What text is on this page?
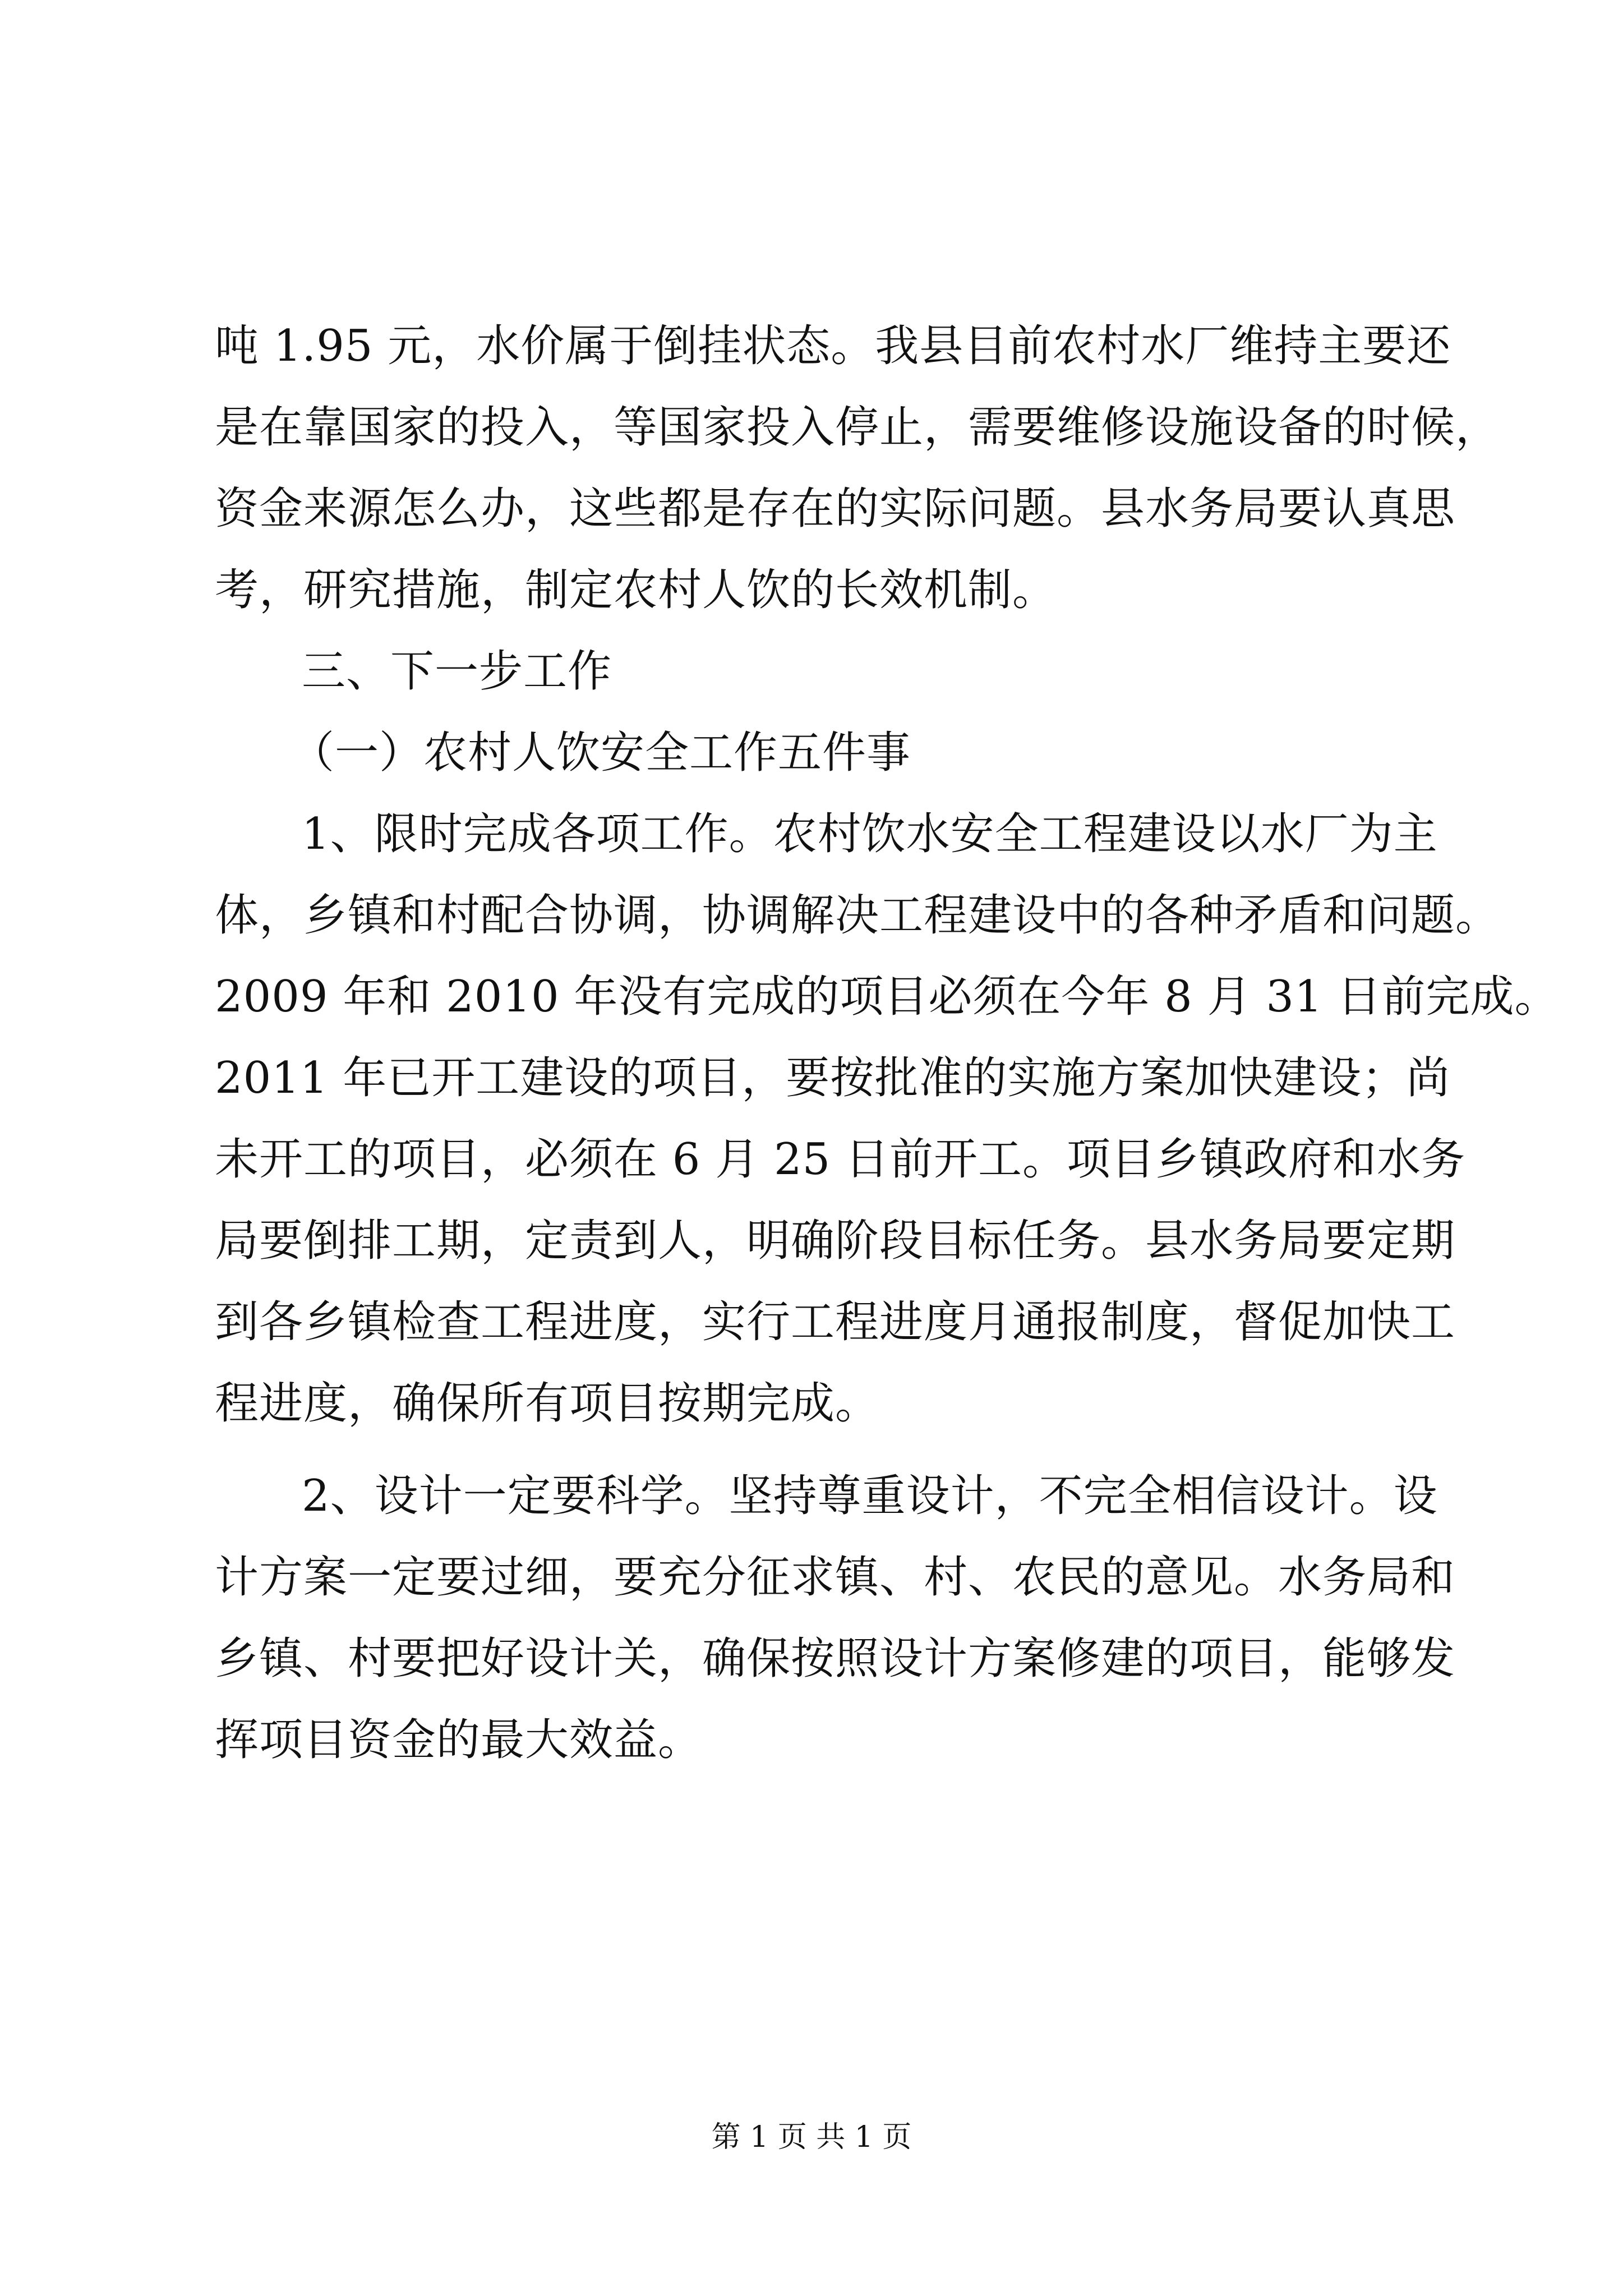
吨 1.95 元，水价属于倒挂状态。我县目前农村水厂维持主要还
是在靠国家的投入，等国家投入停止，需要维修设施设备的时候，
资金来源怎么办，这些都是存在的实际问题。县水务局要认真思
考，研究措施，制定农村人饮的长效机制。
三、下一步工作
（一）农村人饮安全工作五件事
1、限时完成各项工作。农村饮水安全工程建设以水厂为主
体，乡镇和村配合协调，协调解决工程建设中的各种矛盾和问题。
2009 年和 2010 年没有完成的项目必须在今年 8 月 31 日前完成。
2011 年已开工建设的项目，要按批准的实施方案加快建设；尚
未开工的项目，必须在 6 月 25 日前开工。项目乡镇政府和水务
局要倒排工期，定责到人，明确阶段目标任务。县水务局要定期
到各乡镇检查工程进度，实行工程进度月通报制度，督促加快工
程进度，确保所有项目按期完成。
2、设计一定要科学。坚持尊重设计，不完全相信设计。设
计方案一定要过细，要充分征求镇、村、农民的意见。水务局和
乡镇、村要把好设计关，确保按照设计方案修建的项目，能够发
挥项目资金的最大效益。
第 1 页 共 1 页
